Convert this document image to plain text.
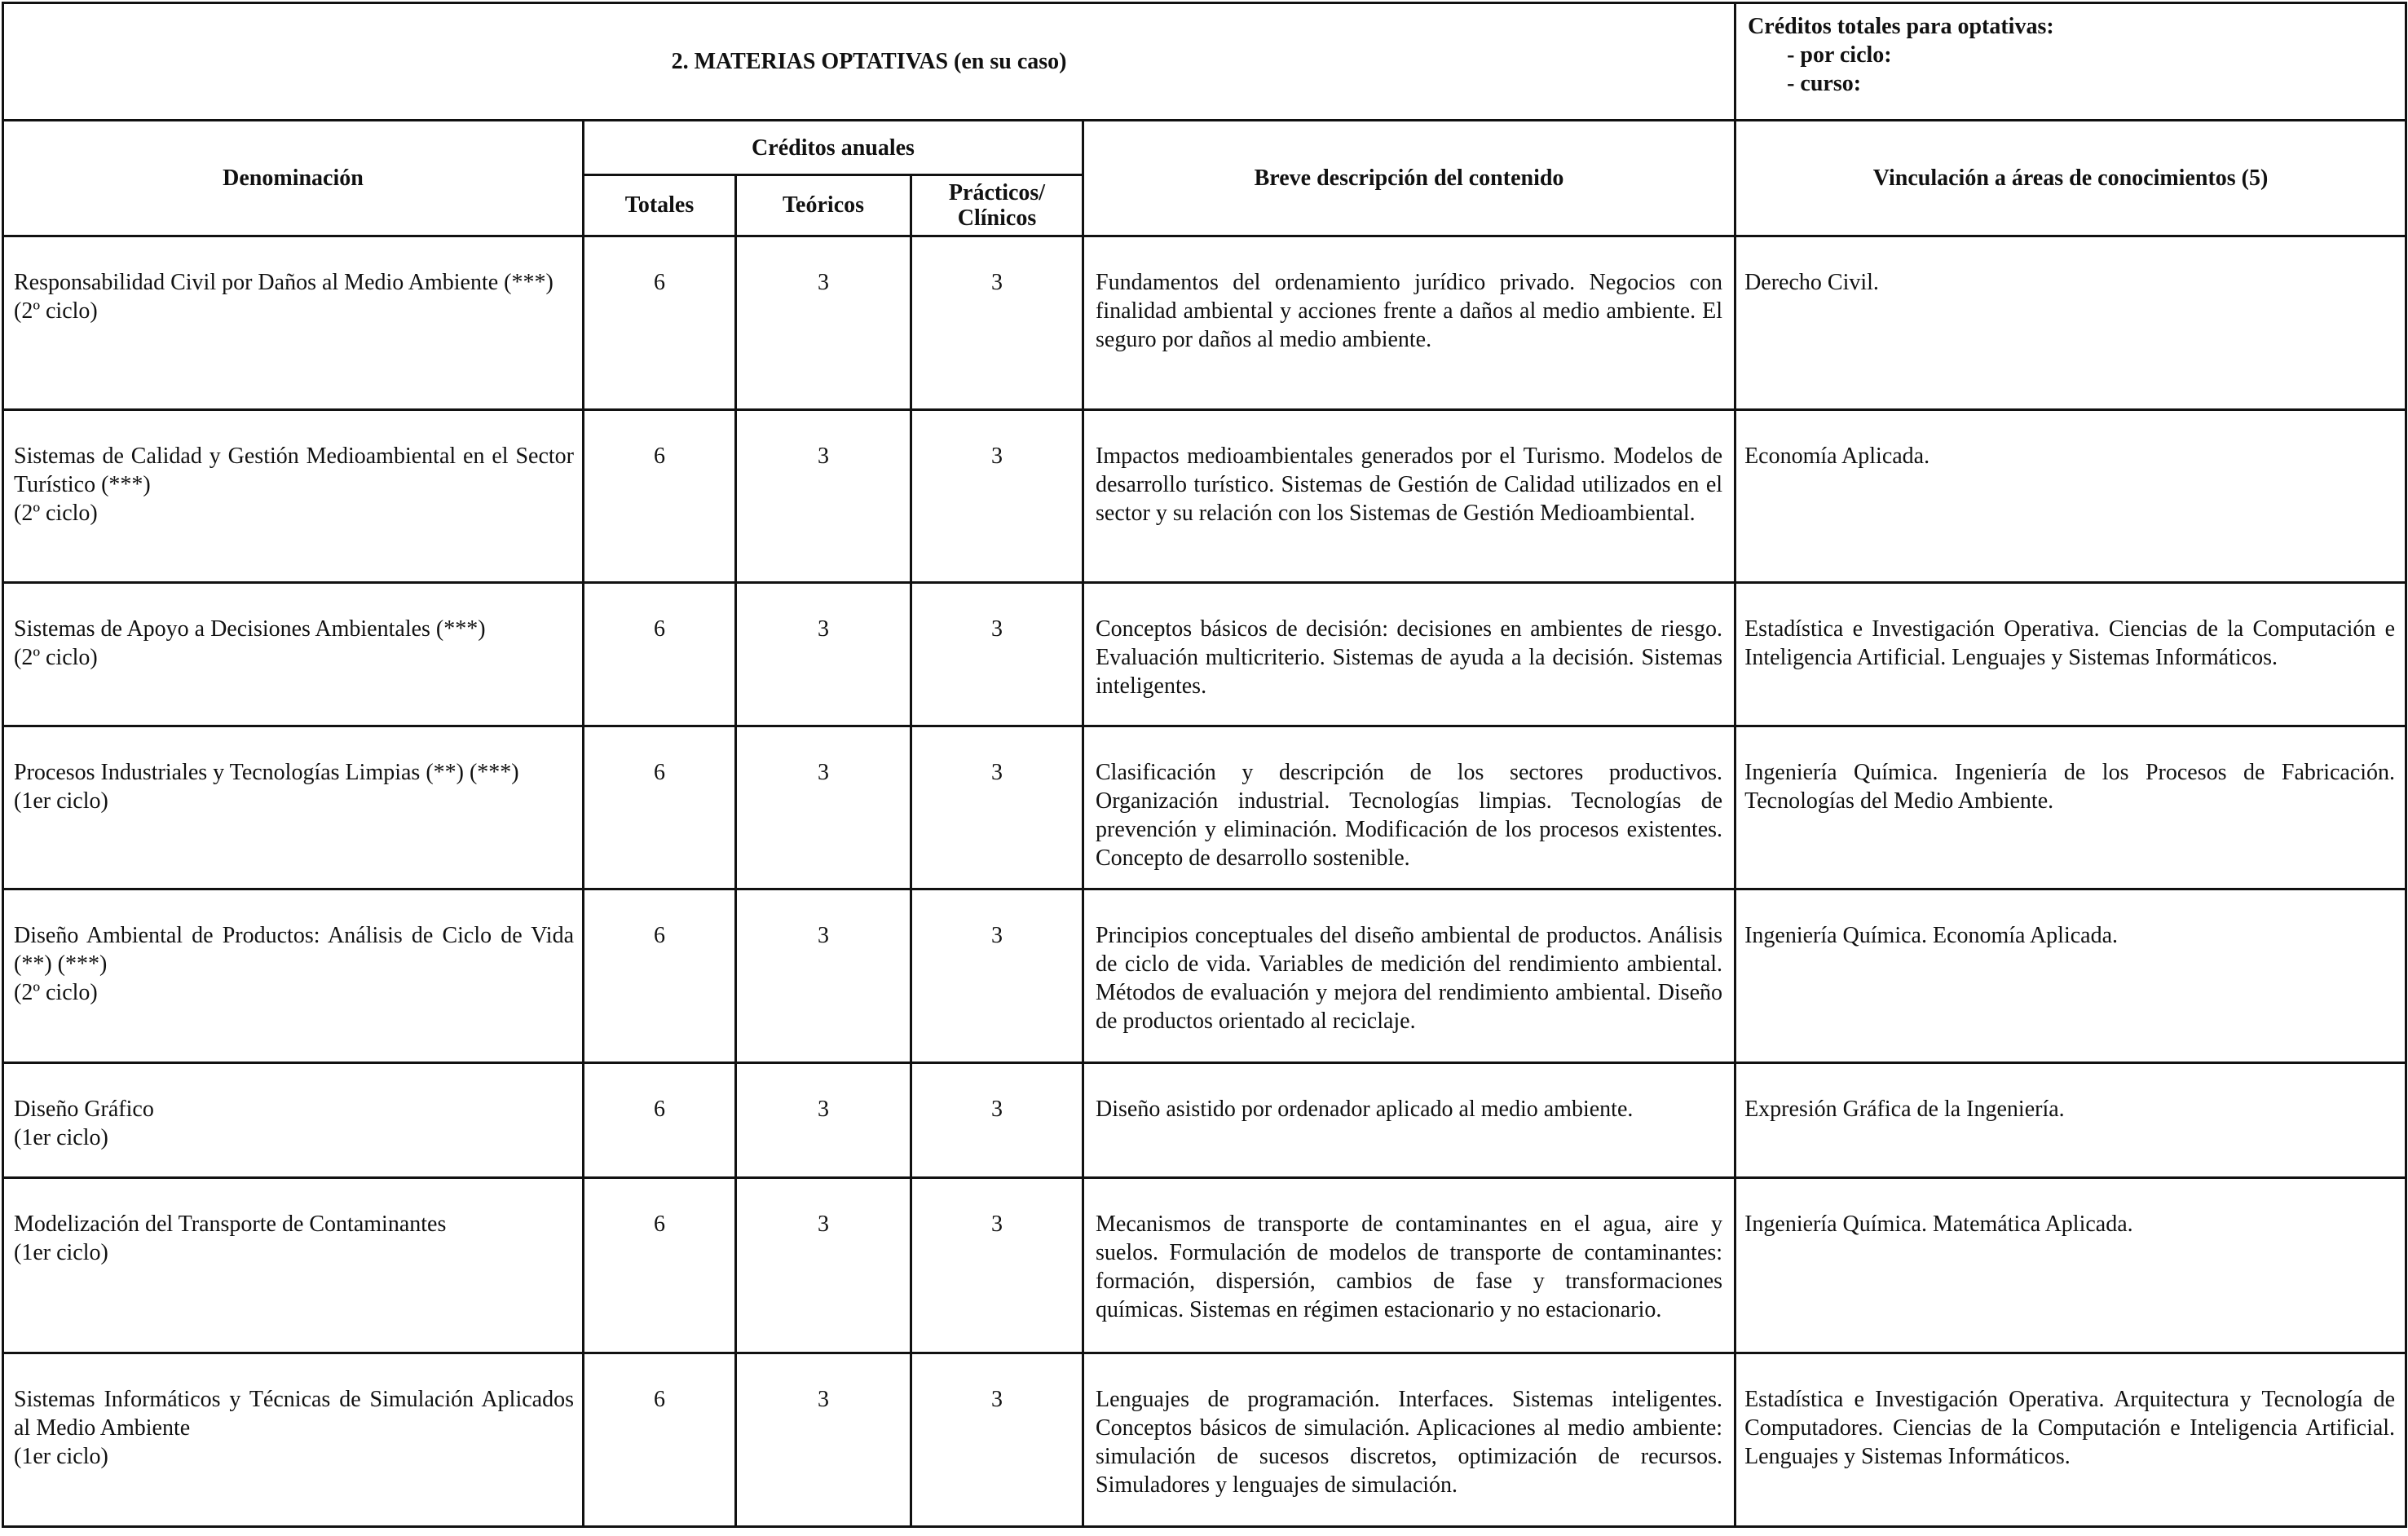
2. MATERIAS OPTATIVAS (en su caso)					Créditos totales para optativas:
- por ciclo:
- curso:

Denominación	Créditos anuales			Breve descripción del contenido	Vinculación a áreas de conocimientos (5)
	Totales	Teóricos	Prácticos/
Clínicos		

Responsabilidad Civil por Daños al Medio Ambiente (***)
(2º ciclo)	6	3	3	Fundamentos del ordenamiento jurídico privado. Negocios con finalidad ambiental y acciones frente a daños al medio ambiente. El seguro por daños al medio ambiente.	Derecho Civil.
Sistemas de Calidad y Gestión Medioambiental en el Sector Turístico (***)
(2º ciclo)	6	3	3	Impactos medioambientales generados por el Turismo. Modelos de desarrollo turístico. Sistemas de Gestión de Calidad utilizados en el sector y su relación con los Sistemas de Gestión Medioambiental.	Economía Aplicada.
Sistemas de Apoyo a Decisiones Ambientales (***)
(2º ciclo)	6	3	3	Conceptos básicos de decisión: decisiones en ambientes de riesgo. Evaluación multicriterio. Sistemas de ayuda a la decisión. Sistemas inteligentes.	Estadística e Investigación Operativa. Ciencias de la Computación e Inteligencia Artificial. Lenguajes y Sistemas Informáticos.
Procesos Industriales y Tecnologías Limpias (**) (***)
(1er ciclo)	6	3	3	Clasificación y descripción de los sectores productivos. Organización industrial. Tecnologías limpias. Tecnologías de prevención y eliminación. Modificación de los procesos existentes. Concepto de desarrollo sostenible.	Ingeniería Química. Ingeniería de los Procesos de Fabricación. Tecnologías del Medio Ambiente.
Diseño Ambiental de Productos: Análisis de Ciclo de Vida (**) (***)
(2º ciclo)	6	3	3	Principios conceptuales del diseño ambiental de productos. Análisis de ciclo de vida. Variables de medición del rendimiento ambiental. Métodos de evaluación y mejora del rendimiento ambiental. Diseño de productos orientado al reciclaje.	Ingeniería Química. Economía Aplicada.
Diseño Gráfico
(1er ciclo)	6	3	3	Diseño asistido por ordenador aplicado al medio ambiente.	Expresión Gráfica de la Ingeniería.
Modelización del Transporte de Contaminantes
(1er ciclo)	6	3	3	Mecanismos de transporte de contaminantes en el agua, aire y suelos. Formulación de modelos de transporte de contaminantes: formación, dispersión, cambios de fase y transformaciones químicas. Sistemas en régimen estacionario y no estacionario.	Ingeniería Química. Matemática Aplicada.
Sistemas Informáticos y Técnicas de Simulación Aplicados al Medio Ambiente
(1er ciclo)	6	3	3	Lenguajes de programación. Interfaces. Sistemas inteligentes. Conceptos básicos de simulación. Aplicaciones al medio ambiente: simulación de sucesos discretos, optimización de recursos. Simuladores y lenguajes de simulación.	Estadística e Investigación Operativa. Arquitectura y Tecnología de Computadores. Ciencias de la Computación e Inteligencia Artificial. Lenguajes y Sistemas Informáticos.
